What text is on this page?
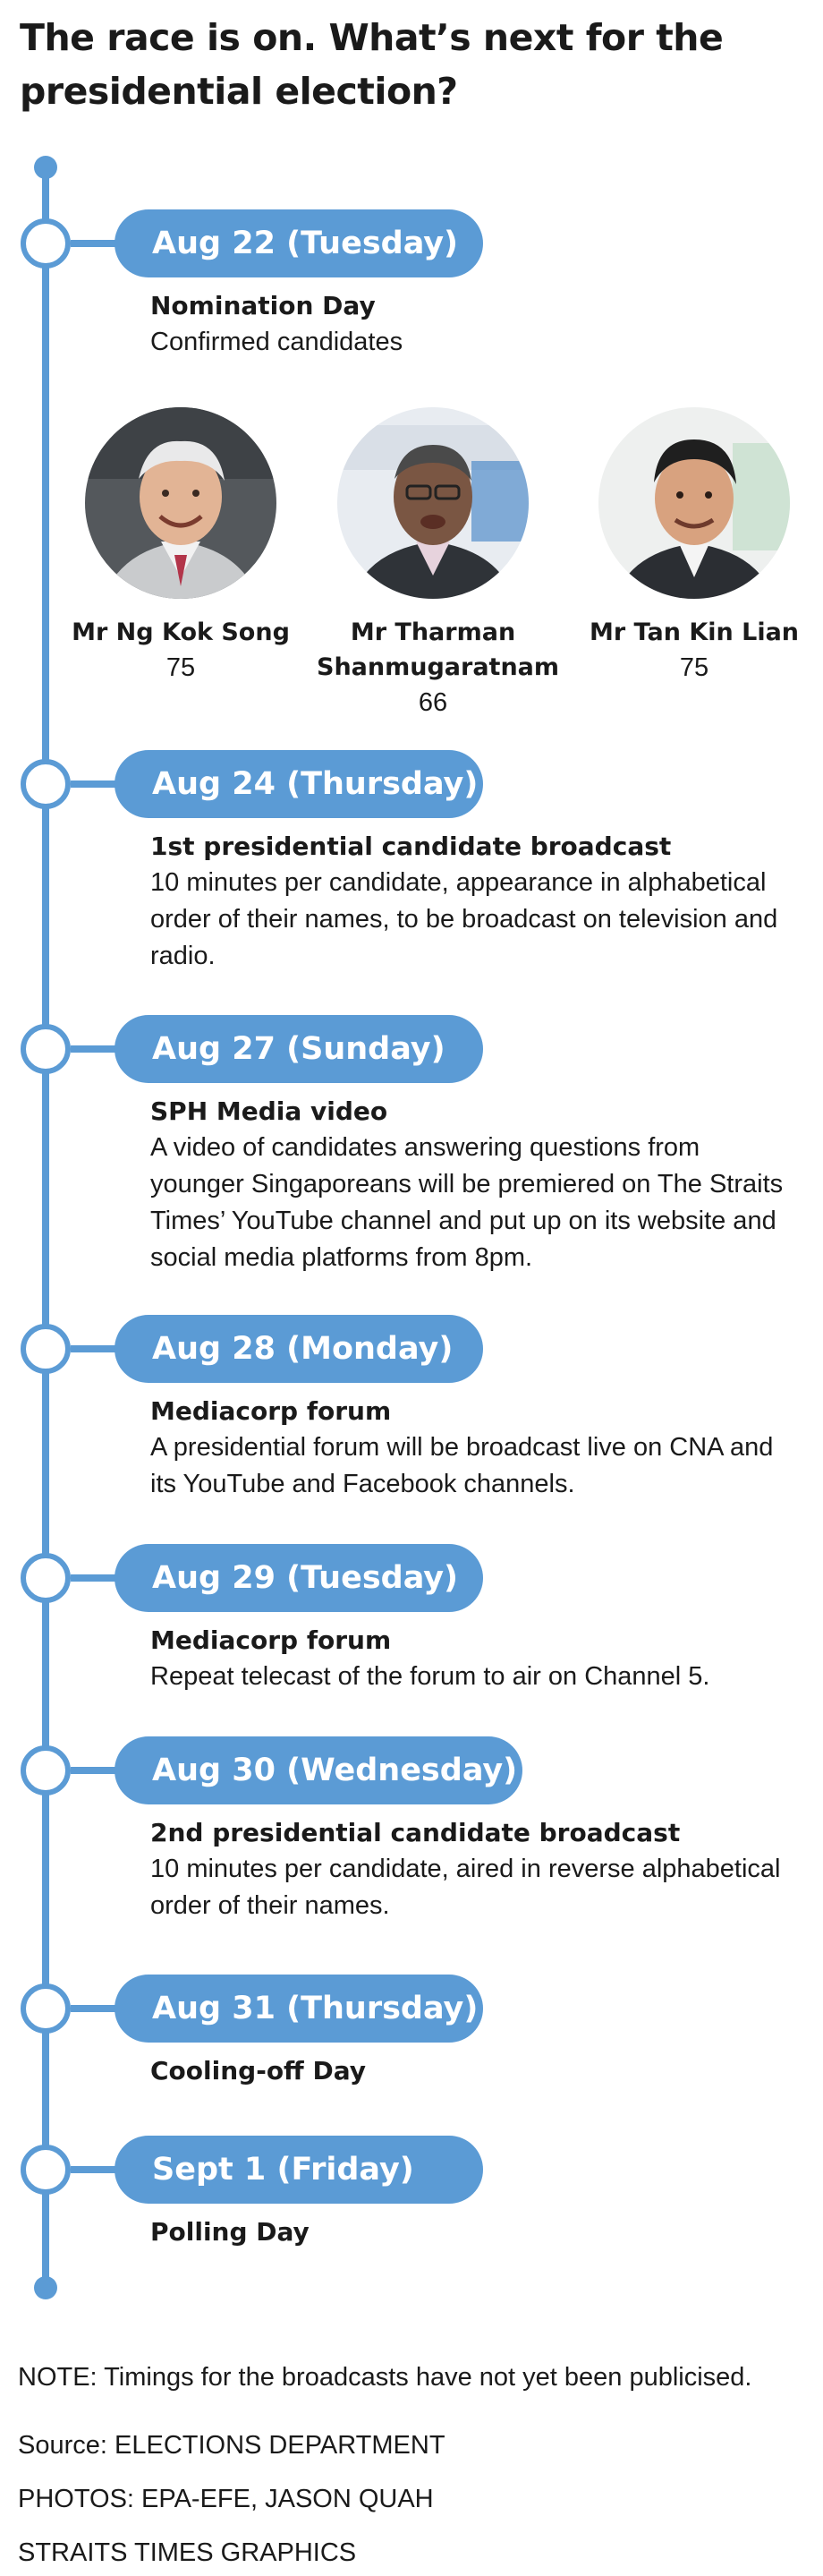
The race is on. What’s next for the presidential election?
Aug 22 (Tuesday)
Nomination Day
Confirmed candidates
Mr Ng Kok Song
75
Mr Tharman Shanmugaratnam
66
Mr Tan Kin Lian
75
Aug 24 (Thursday)
1st presidential candidate broadcast
10 minutes per candidate, appearance in alphabetical order of their names, to be broadcast on television and radio.
Aug 27 (Sunday)
SPH Media video
A video of candidates answering questions from younger Singaporeans will be premiered on The Straits Times’ YouTube channel and put up on its website and social media platforms from 8pm.
Aug 28 (Monday)
Mediacorp forum
A presidential forum will be broadcast live on CNA and its YouTube and Facebook channels.
Aug 29 (Tuesday)
Mediacorp forum
Repeat telecast of the forum to air on Channel 5.
Aug 30 (Wednesday)
2nd presidential candidate broadcast
10 minutes per candidate, aired in reverse alphabetical order of their names.
Aug 31 (Thursday)
Cooling-off Day
Sept 1 (Friday)
Polling Day
NOTE: Timings for the broadcasts have not yet been publicised.
Source: ELECTIONS DEPARTMENT
PHOTOS: EPA-EFE, JASON QUAH
STRAITS TIMES GRAPHICS
